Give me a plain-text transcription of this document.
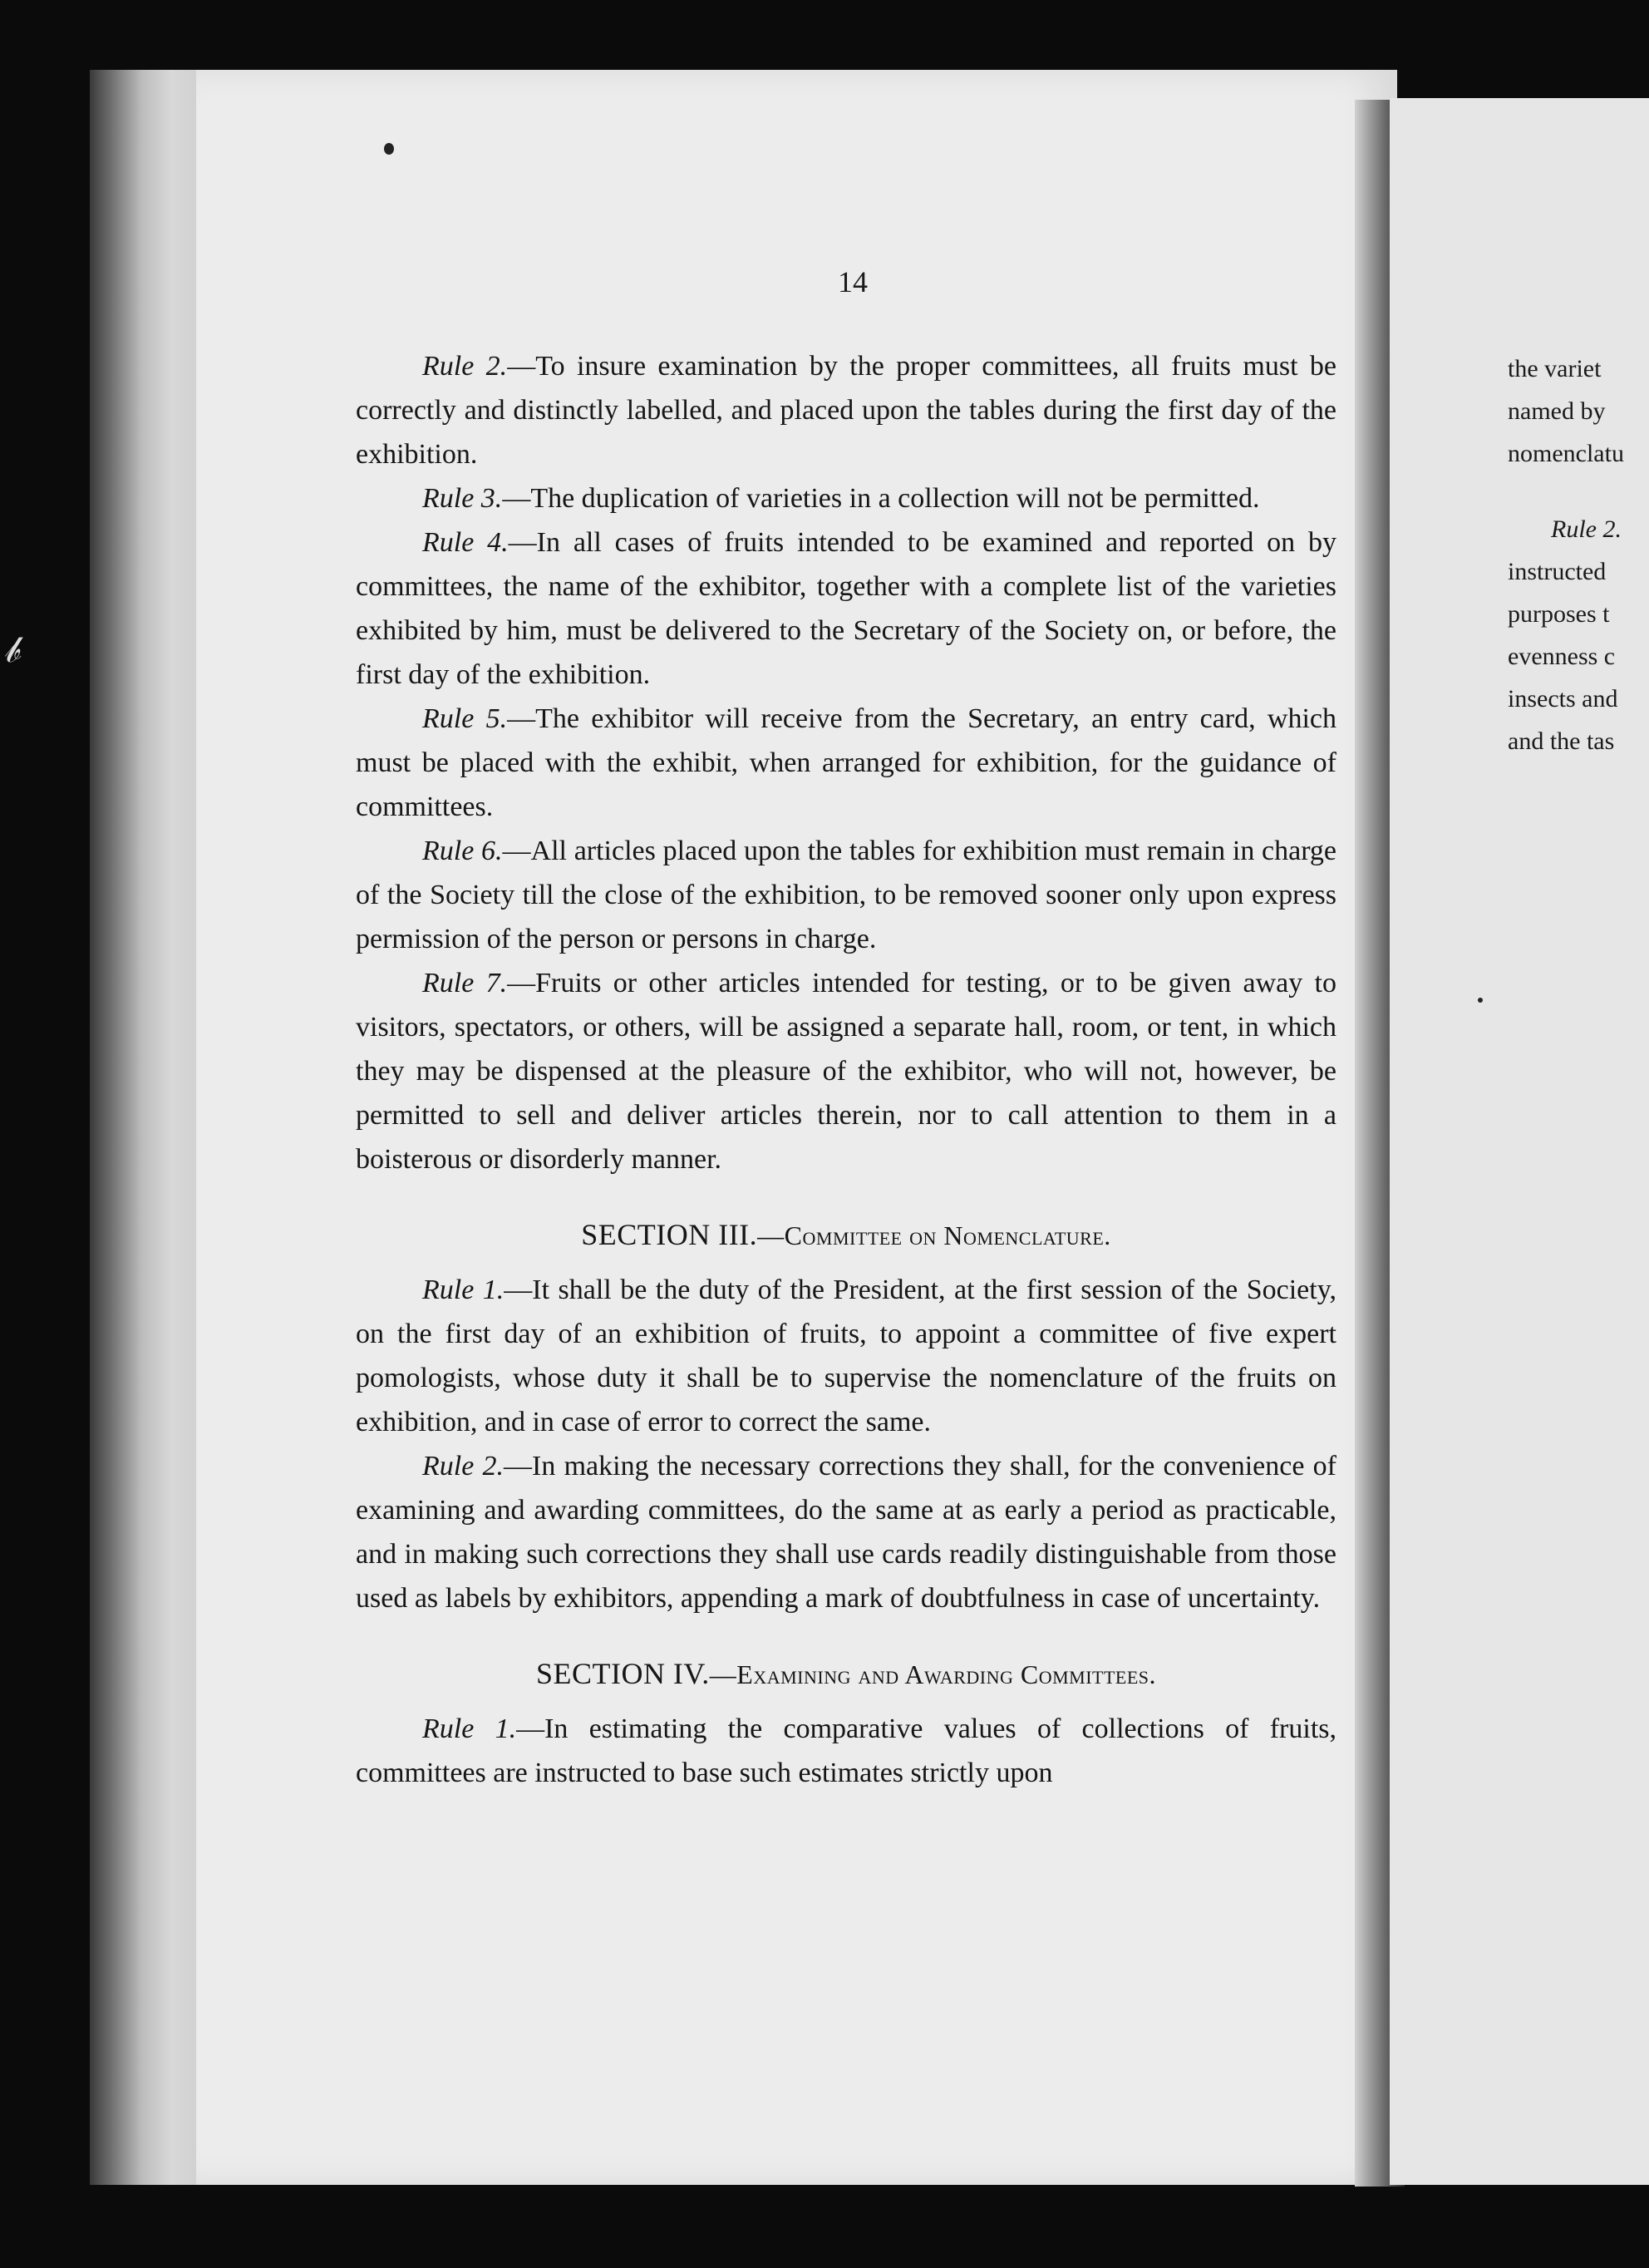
the variet
named by
nomenclatu
Rule 2.
instructed
purposes t
evenness c
insects and
and the tas
𝒷
14

Rule 2.—To insure examination by the proper committees, all fruits must be correctly and distinctly labelled, and placed upon the tables during the first day of the exhibition.

Rule 3.—The duplication of varieties in a collection will not be permitted.

Rule 4.—In all cases of fruits intended to be examined and reported on by committees, the name of the exhibitor, together with a complete list of the varieties exhibited by him, must be delivered to the Secretary of the Society on, or before, the first day of the exhibition.

Rule 5.—The exhibitor will receive from the Secretary, an entry card, which must be placed with the exhibit, when arranged for exhibition, for the guidance of committees.

Rule 6.—All articles placed upon the tables for exhibition must remain in charge of the Society till the close of the exhibition, to be removed sooner only upon express permission of the person or persons in charge.

Rule 7.—Fruits or other articles intended for testing, or to be given away to visitors, spectators, or others, will be assigned a separate hall, room, or tent, in which they may be dispensed at the pleasure of the exhibitor, who will not, however, be permitted to sell and deliver articles therein, nor to call attention to them in a boisterous or disorderly manner.

SECTION III.—Committee on Nomenclature.

Rule 1.—It shall be the duty of the President, at the first session of the Society, on the first day of an exhibition of fruits, to appoint a committee of five expert pomologists, whose duty it shall be to supervise the nomenclature of the fruits on exhibition, and in case of error to correct the same.

Rule 2.—In making the necessary corrections they shall, for the convenience of examining and awarding committees, do the same at as early a period as practicable, and in making such corrections they shall use cards readily distinguishable from those used as labels by exhibitors, appending a mark of doubtfulness in case of uncertainty.

SECTION IV.—Examining and Awarding Committees.

Rule 1.—In estimating the comparative values of collections of fruits, committees are instructed to base such estimates strictly upon
